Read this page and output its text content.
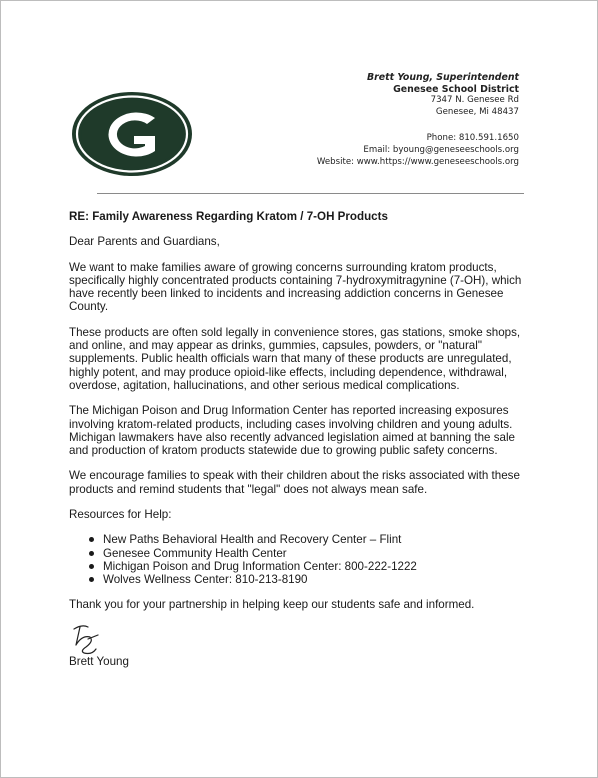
Brett Young, Superintendent
Genesee School District
7347 N. Genesee Rd
Genesee, Mi 48437
Phone: 810.591.1650
Email: byoung@geneseeschools.org
Website: www.https://www.geneseeschools.org
RE: Family Awareness Regarding Kratom / 7-OH Products

Dear Parents and Guardians,

We want to make families aware of growing concerns surrounding kratom products, specifically highly concentrated products containing 7-hydroxymitragynine (7-OH), which have recently been linked to incidents and increasing addiction concerns in Genesee County.

These products are often sold legally in convenience stores, gas stations, smoke shops, and online, and may appear as drinks, gummies, capsules, powders, or "natural" supplements. Public health officials warn that many of these products are unregulated, highly potent, and may produce opioid-like effects, including dependence, withdrawal, overdose, agitation, hallucinations, and other serious medical complications.

The Michigan Poison and Drug Information Center has reported increasing exposures involving kratom-related products, including cases involving children and young adults. Michigan lawmakers have also recently advanced legislation aimed at banning the sale and production of kratom products statewide due to growing public safety concerns.

We encourage families to speak with their children about the risks associated with these products and remind students that "legal" does not always mean safe.

Resources for Help:

New Paths Behavioral Health and Recovery Center – Flint
Genesee Community Health Center
Michigan Poison and Drug Information Center: 800-222-1222
Wolves Wellness Center: 810-213-8190

Thank you for your partnership in helping keep our students safe and informed.

Brett Young
